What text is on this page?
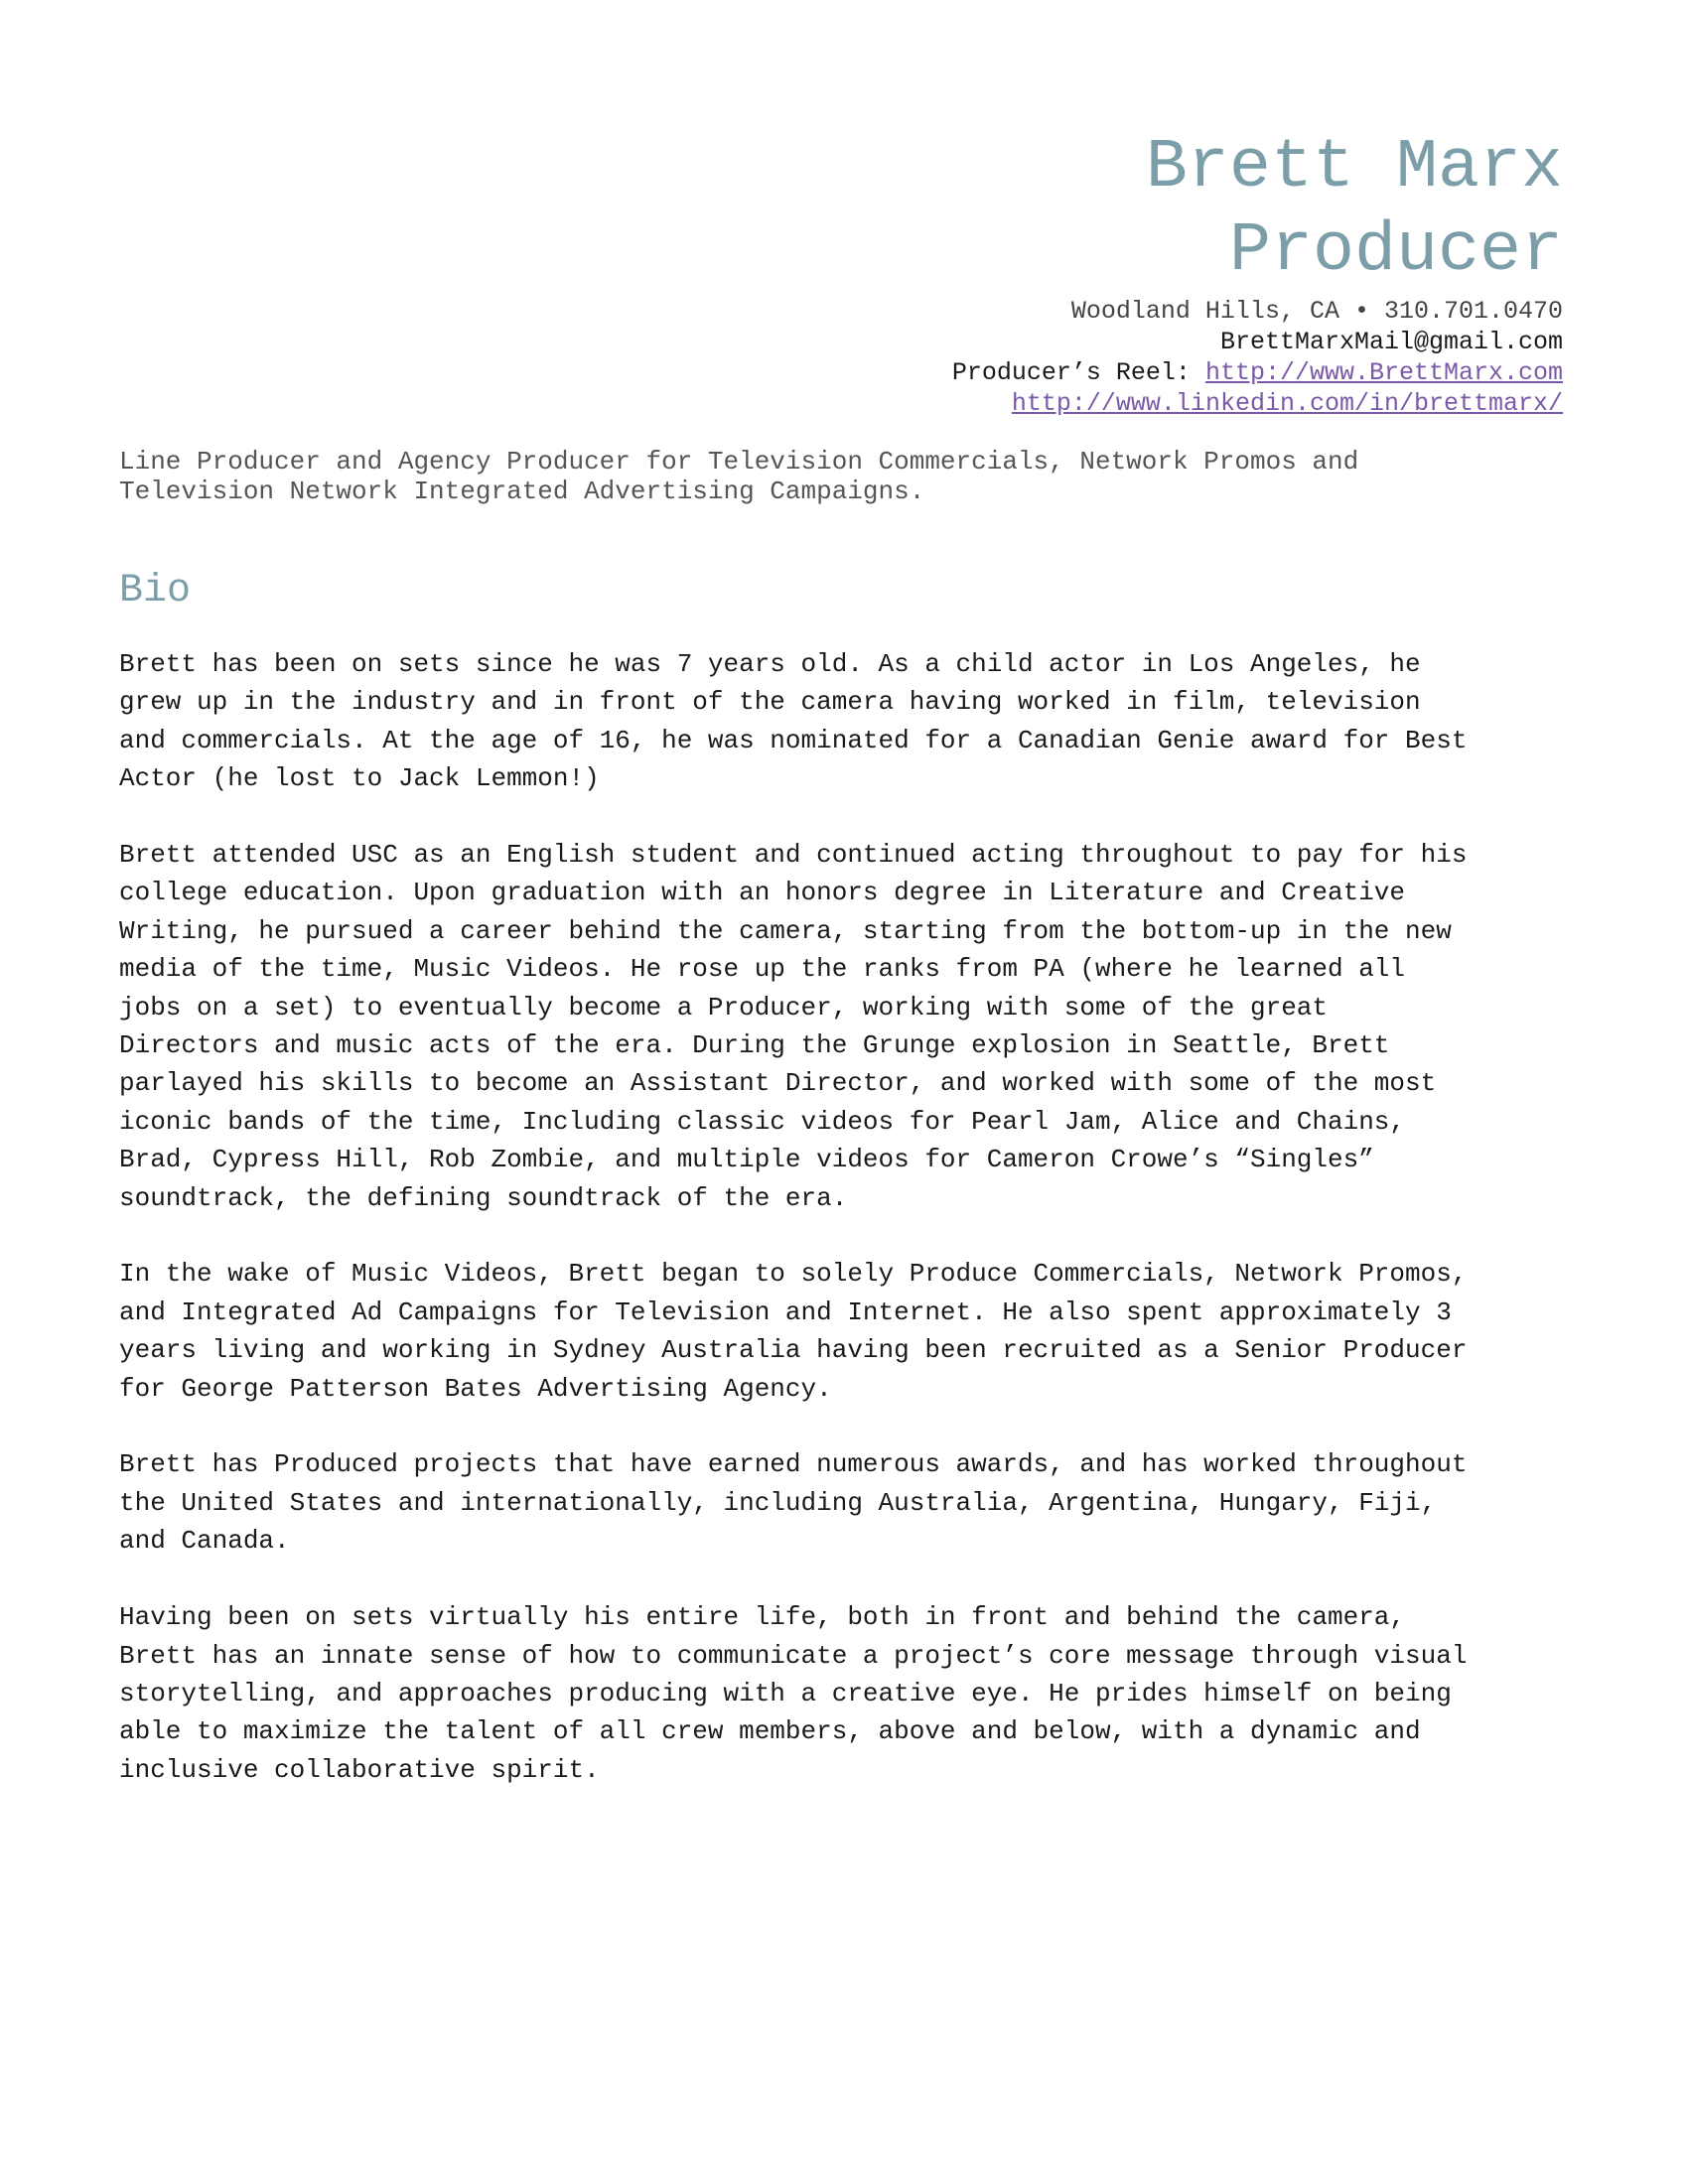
Brett Marx
Producer
Woodland Hills, CA • 310.701.0470
BrettMarxMail@gmail.com
Producer’s Reel: http://www.BrettMarx.com
http://www.linkedin.com/in/brettmarx/
Line Producer and Agency Producer for Television Commercials, Network Promos and
Television Network Integrated Advertising Campaigns.
Bio

Brett has been on sets since he was 7 years old. As a child actor in Los Angeles, he
grew up in the industry and in front of the camera having worked in film, television
and commercials. At the age of 16, he was nominated for a Canadian Genie award for Best
Actor (he lost to Jack Lemmon!)

Brett attended USC as an English student and continued acting throughout to pay for his
college education. Upon graduation with an honors degree in Literature and Creative
Writing, he pursued a career behind the camera, starting from the bottom-up in the new
media of the time, Music Videos. He rose up the ranks from PA (where he learned all
jobs on a set) to eventually become a Producer, working with some of the great
Directors and music acts of the era. During the Grunge explosion in Seattle, Brett
parlayed his skills to become an Assistant Director, and worked with some of the most
iconic bands of the time, Including classic videos for Pearl Jam, Alice and Chains,
Brad, Cypress Hill, Rob Zombie, and multiple videos for Cameron Crowe’s “Singles”
soundtrack, the defining soundtrack of the era.

In the wake of Music Videos, Brett began to solely Produce Commercials, Network Promos,
and Integrated Ad Campaigns for Television and Internet. He also spent approximately 3
years living and working in Sydney Australia having been recruited as a Senior Producer
for George Patterson Bates Advertising Agency.

Brett has Produced projects that have earned numerous awards, and has worked throughout
the United States and internationally, including Australia, Argentina, Hungary, Fiji,
and Canada.

Having been on sets virtually his entire life, both in front and behind the camera,
Brett has an innate sense of how to communicate a project’s core message through visual
storytelling, and approaches producing with a creative eye. He prides himself on being
able to maximize the talent of all crew members, above and below, with a dynamic and
inclusive collaborative spirit.
